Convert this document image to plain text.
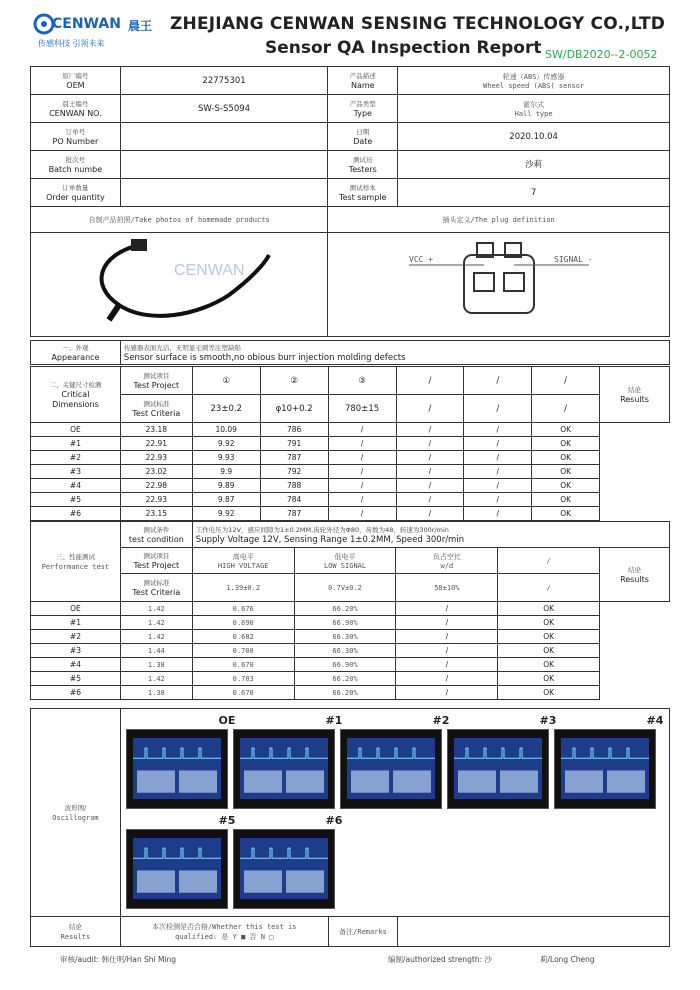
CENWAN 晨王
传感科技 引领未来
ZHEJIANG CENWAN SENSING TECHNOLOGY CO.,LTD
Sensor QA Inspection Report SW/DB2020--2-0052
原厂编号
OEM	22775301	产品描述
Name	轮速（ABS）传感器
Wheel speed (ABS) sensor
晨王编号
CENWAN NO.	SW-S-S5094	产品类型
Type	霍尔式
Hall type
订单号
PO Number		日期
Date	2020.10.04
批次号
Batch numbe		测试员
Testers	沙莉
订单数量
Order quantity		测试样本
Test sample	7
自制产品拍照/Take photos of homemade products		插头定义/The plug definition	

CENWAN		VCC + SIGNAL -	
一、外观
Appearance	传感器表面光洁，无明显毛刺等注塑缺陷
Sensor surface is smooth,no obious burr injection molding defects
二、关键尺寸检测
Critical
Dimensions	测试项目
Test Project	①	②	③	/	/	/	结论
Results
	测试标准
Test Criteria	23±0.2	φ10+0.2	780±15	/	/	/	
OE	23.18	10.09	786	/	/	/	OK	
#1	22.91	9.92	791	/	/	/	OK	
#2	22.93	9.93	787	/	/	/	OK	
#3	23.02	9.9	792	/	/	/	OK	
#4	22.98	9.89	788	/	/	/	OK	
#5	22.93	9.87	784	/	/	/	OK	
#6	23.15	9.92	787	/	/	/	OK	
三、性能测试
Performance test	测试条件
test condition	工作电压为12V，感应间隙为1±0.2MM,齿轮外径为Φ80，齿数为48，转速为300r/min
Supply Voltage 12V, Sensing Range 1±0.2MM, Speed 300r/min				
	测试项目
Test Project	高电平
HIGH VOLTAGE	低电平
LOW SIGNAL	负占空比
w/d	/	结论
Results
	测试标准
Test Criteria	1.39±0.2	0.7V±0.2	50±10%	/	
OE	1.42	0.676	66.20%	/	OK	
#1	1.42	0.690	66.90%	/	OK	
#2	1.42	0.682	66.30%	/	OK	
#3	1.44	0.700	66.30%	/	OK	
#4	1.38	0.670	66.90%	/	OK	
#5	1.42	0.703	66.20%	/	OK	
#6	1.38	0.670	66.20%	/	OK	
波形图/
Oscillogram	
OE	#1	#2	#3	#4
#5	#6
结论
Results	本次检测是否合格/Whether this test is
qualified: 是 Y ■ 否 N □	备注/Remarks	
审核/audit: 韩仕明/Han Shi Ming	编制/authorized strength: 沙	莉/Long Cheng
